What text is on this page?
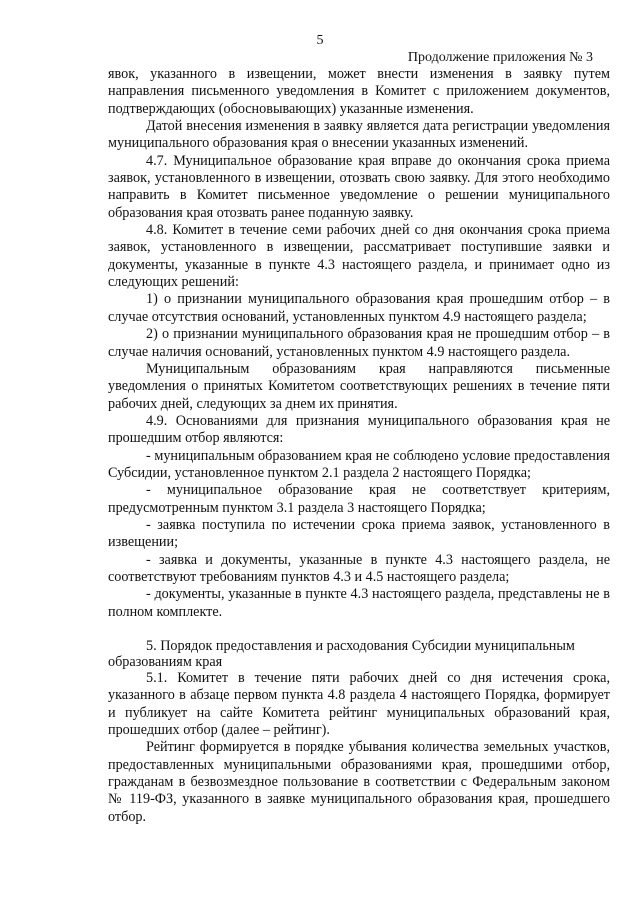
5
Продолжение приложения № 3

явок, указанного в извещении, может внести изменения в заявку путем направления письменного уведомления в Комитет с приложением документов, подтверждающих (обосновывающих) указанные изменения.

Датой внесения изменения в заявку является дата регистрации уведомления муниципального образования края о внесении указанных изменений.

4.7. Муниципальное образование края вправе до окончания срока приема заявок, установленного в извещении, отозвать свою заявку. Для этого необходимо направить в Комитет письменное уведомление о решении муниципального образования края отозвать ранее поданную заявку.

4.8. Комитет в течение семи рабочих дней со дня окончания срока приема заявок, установленного в извещении, рассматривает поступившие заявки и документы, указанные в пункте 4.3 настоящего раздела, и принимает одно из следующих решений:

1) о признании муниципального образования края прошедшим отбор – в случае отсутствия оснований, установленных пунктом 4.9 настоящего раздела;

2) о признании муниципального образования края не прошедшим отбор – в случае наличия оснований, установленных пунктом 4.9 настоящего раздела.

Муниципальным образованиям края направляются письменные уведомления о принятых Комитетом соответствующих решениях в течение пяти рабочих дней, следующих за днем их принятия.

4.9. Основаниями для признания муниципального образования края не прошедшим отбор являются:

- муниципальным образованием края не соблюдено условие предоставления Субсидии, установленное пунктом 2.1 раздела 2 настоящего Порядка;

- муниципальное образование края не соответствует критериям, предусмотренным пунктом 3.1 раздела 3 настоящего Порядка;

- заявка поступила по истечении срока приема заявок, установленного в извещении;

- заявка и документы, указанные в пункте 4.3 настоящего раздела, не соответствуют требованиям пунктов 4.3 и 4.5 настоящего раздела;

- документы, указанные в пункте 4.3 настоящего раздела, представлены не в полном комплекте.

5. Порядок предоставления и расходования Субсидии муниципальным образованиям края

5.1. Комитет в течение пяти рабочих дней со дня истечения срока, указанного в абзаце первом пункта 4.8 раздела 4 настоящего Порядка, формирует и публикует на сайте Комитета рейтинг муниципальных образований края, прошедших отбор (далее – рейтинг).

Рейтинг формируется в порядке убывания количества земельных участков, предоставленных муниципальными образованиями края, прошедшими отбор, гражданам в безвозмездное пользование в соответствии с Федеральным законом № 119-ФЗ, указанного в заявке муниципального образования края, прошедшего отбор.
